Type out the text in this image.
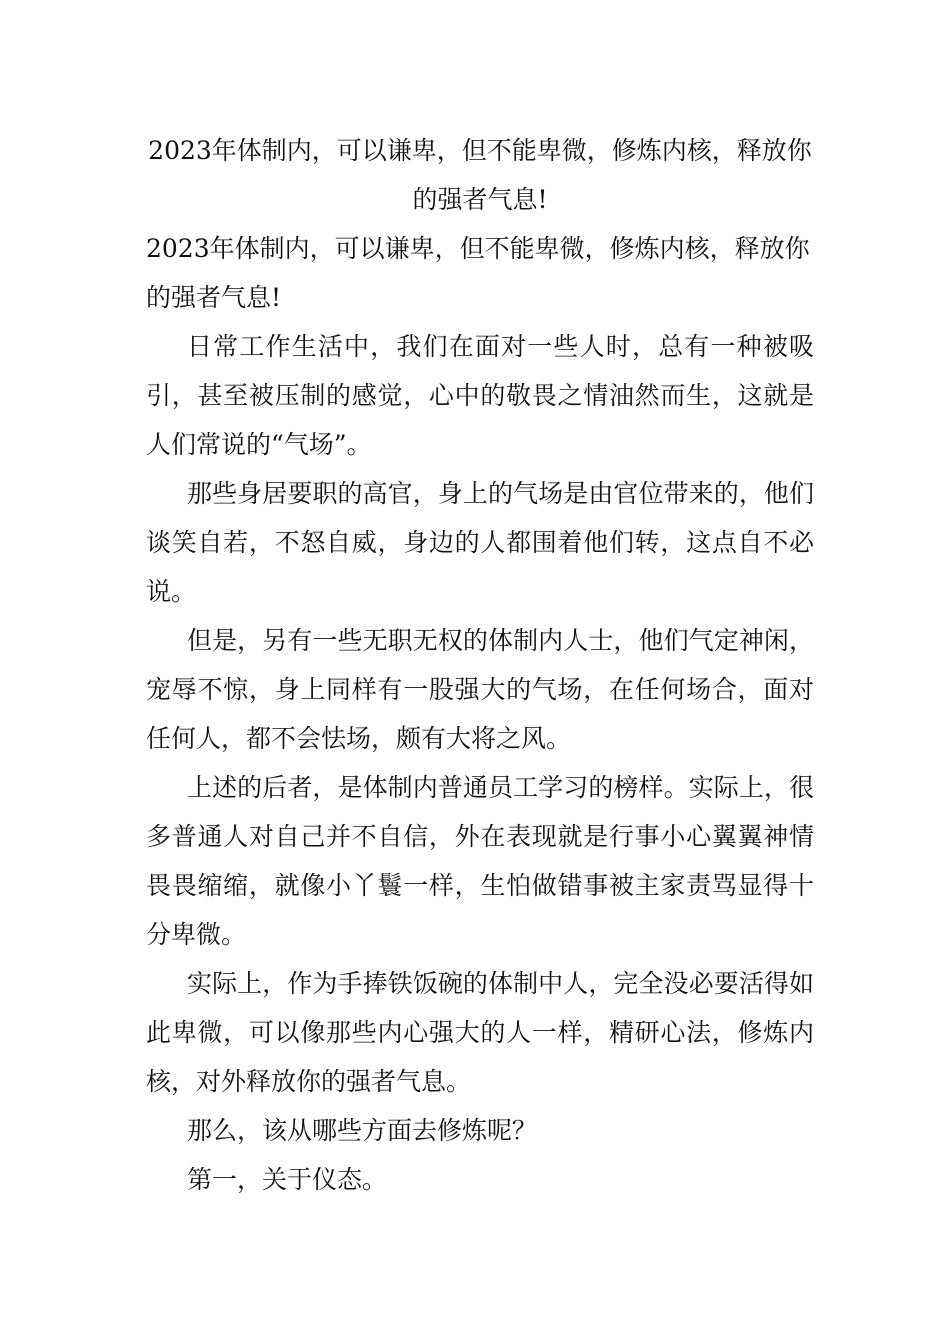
2023年体制内，可以谦卑，但不能卑微，修炼内核，释放你的强者气息!

2023年体制内，可以谦卑，但不能卑微，修炼内核，释放你的强者气息!

日常工作生活中，我们在面对一些人时，总有一种被吸引，甚至被压制的感觉，心中的敬畏之情油然而生，这就是人们常说的“气场”。

那些身居要职的高官，身上的气场是由官位带来的，他们谈笑自若，不怒自威，身边的人都围着他们转，这点自不必说。

但是，另有一些无职无权的体制内人士，他们气定神闲，宠辱不惊，身上同样有一股强大的气场，在任何场合，面对任何人，都不会怯场，颇有大将之风。

上述的后者，是体制内普通员工学习的榜样。实际上，很多普通人对自己并不自信，外在表现就是行事小心翼翼神情畏畏缩缩，就像小丫鬟一样，生怕做错事被主家责骂显得十分卑微。

实际上，作为手捧铁饭碗的体制中人，完全没必要活得如此卑微，可以像那些内心强大的人一样，精研心法，修炼内核，对外释放你的强者气息。

那么，该从哪些方面去修炼呢？

第一，关于仪态。
